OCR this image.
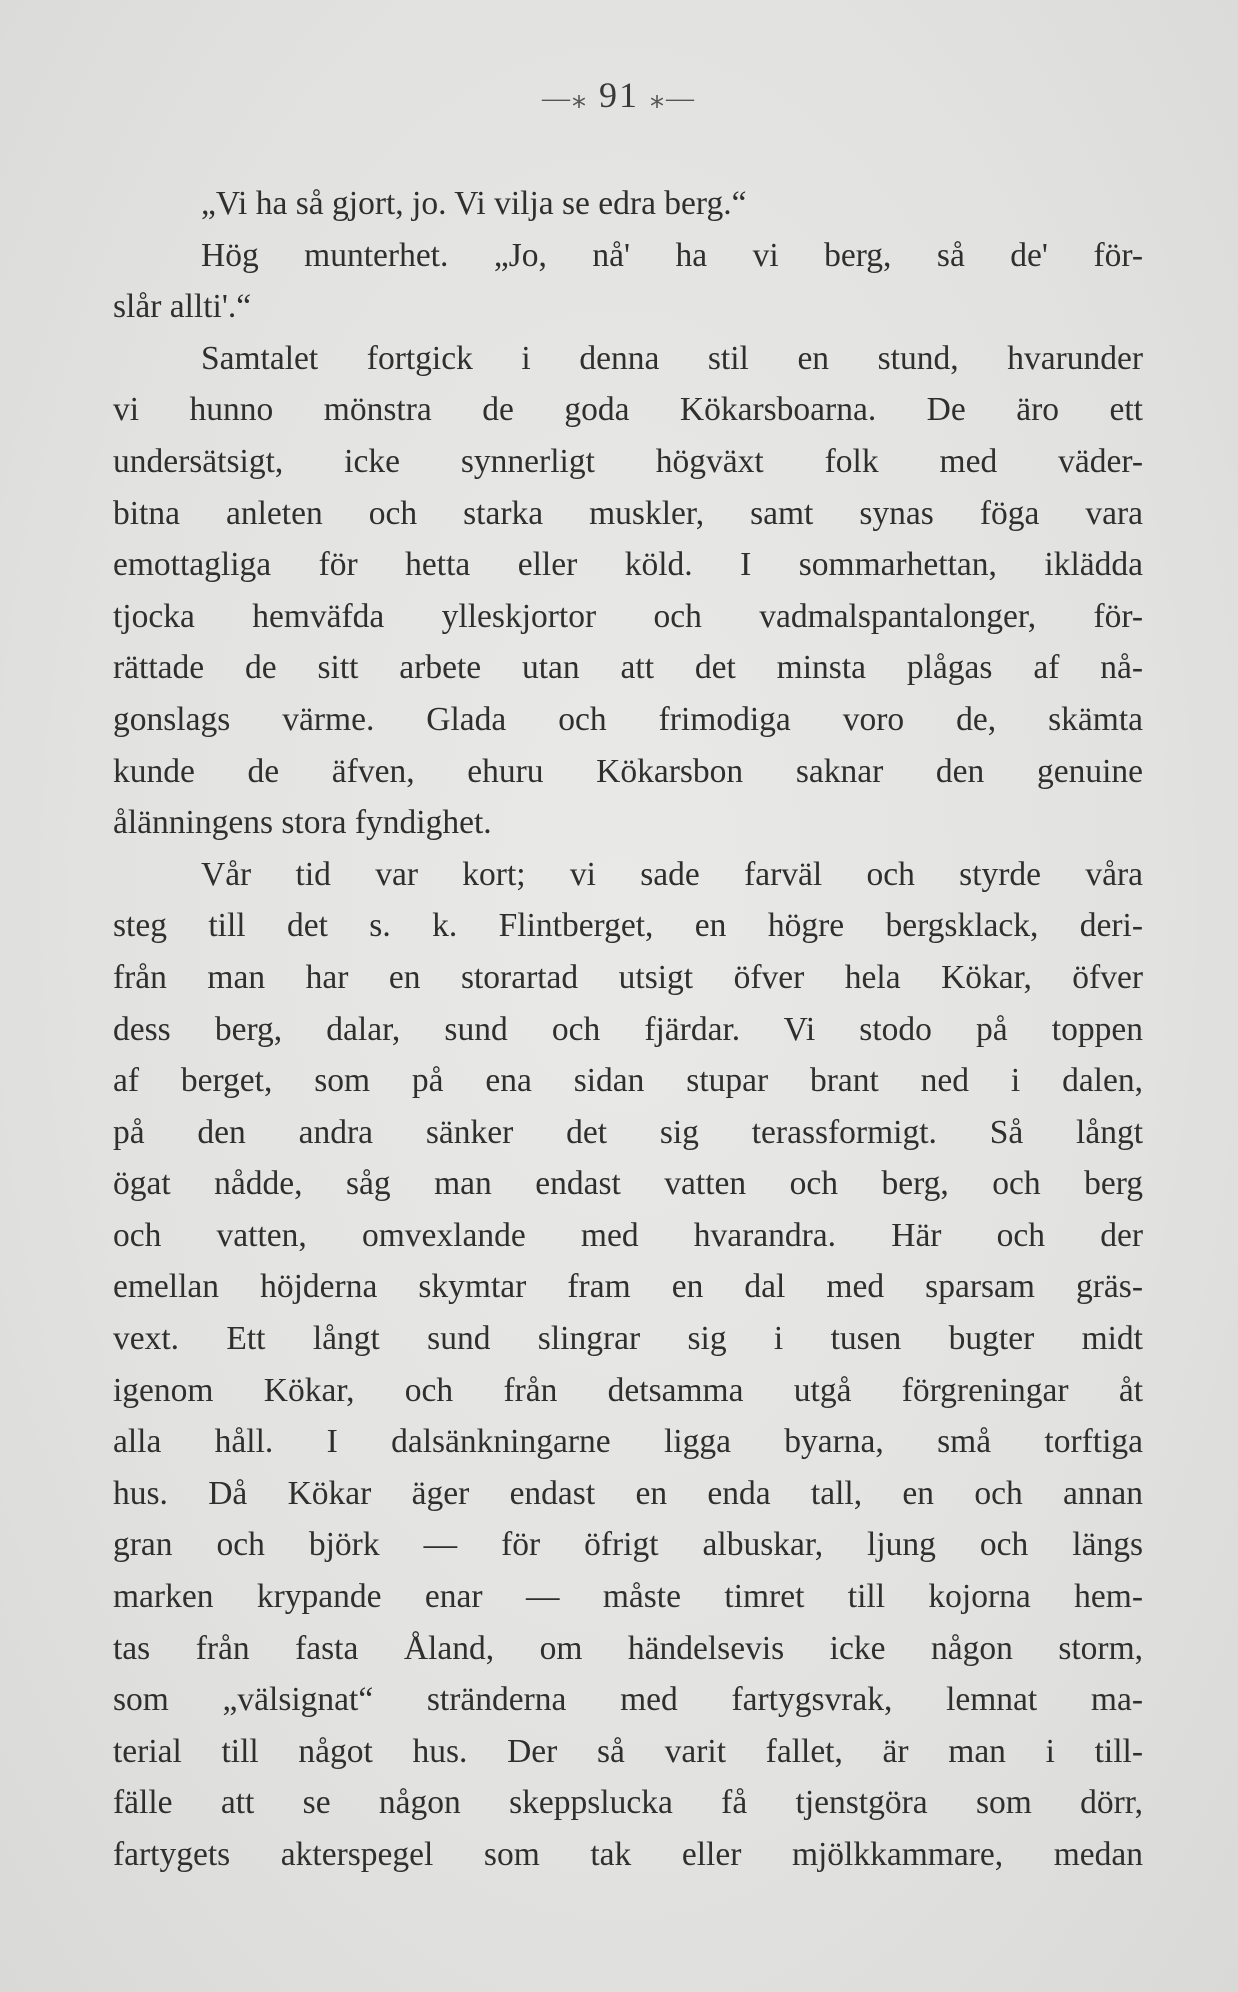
—⁎ 91 ⁎—
„Vi ha så gjort, jo. Vi vilja se edra berg.“
Hög munterhet. „Jo, nå' ha vi berg, så de' för-
slår allti'.“
Samtalet fortgick i denna stil en stund, hvarunder
vi hunno mönstra de goda Kökarsboarna. De äro ett
undersätsigt, icke synnerligt högväxt folk med väder-
bitna anleten och starka muskler, samt synas föga vara
emottagliga för hetta eller köld. I sommarhettan, iklädda
tjocka hemväfda ylleskjortor och vadmalspantalonger, för-
rättade de sitt arbete utan att det minsta plågas af nå-
gonslags värme. Glada och frimodiga voro de, skämta
kunde de äfven, ehuru Kökarsbon saknar den genuine
ålänningens stora fyndighet.
Vår tid var kort; vi sade farväl och styrde våra
steg till det s. k. Flintberget, en högre bergsklack, deri-
från man har en storartad utsigt öfver hela Kökar, öfver
dess berg, dalar, sund och fjärdar. Vi stodo på toppen
af berget, som på ena sidan stupar brant ned i dalen,
på den andra sänker det sig terassformigt. Så långt
ögat nådde, såg man endast vatten och berg, och berg
och vatten, omvexlande med hvarandra. Här och der
emellan höjderna skymtar fram en dal med sparsam gräs-
vext. Ett långt sund slingrar sig i tusen bugter midt
igenom Kökar, och från detsamma utgå förgreningar åt
alla håll. I dalsänkningarne ligga byarna, små torftiga
hus. Då Kökar äger endast en enda tall, en och annan
gran och björk — för öfrigt albuskar, ljung och längs
marken krypande enar — måste timret till kojorna hem-
tas från fasta Åland, om händelsevis icke någon storm,
som „välsignat“ stränderna med fartygsvrak, lemnat ma-
terial till något hus. Der så varit fallet, är man i till-
fälle att se någon skeppslucka få tjenstgöra som dörr,
fartygets akterspegel som tak eller mjölkkammare, medan
